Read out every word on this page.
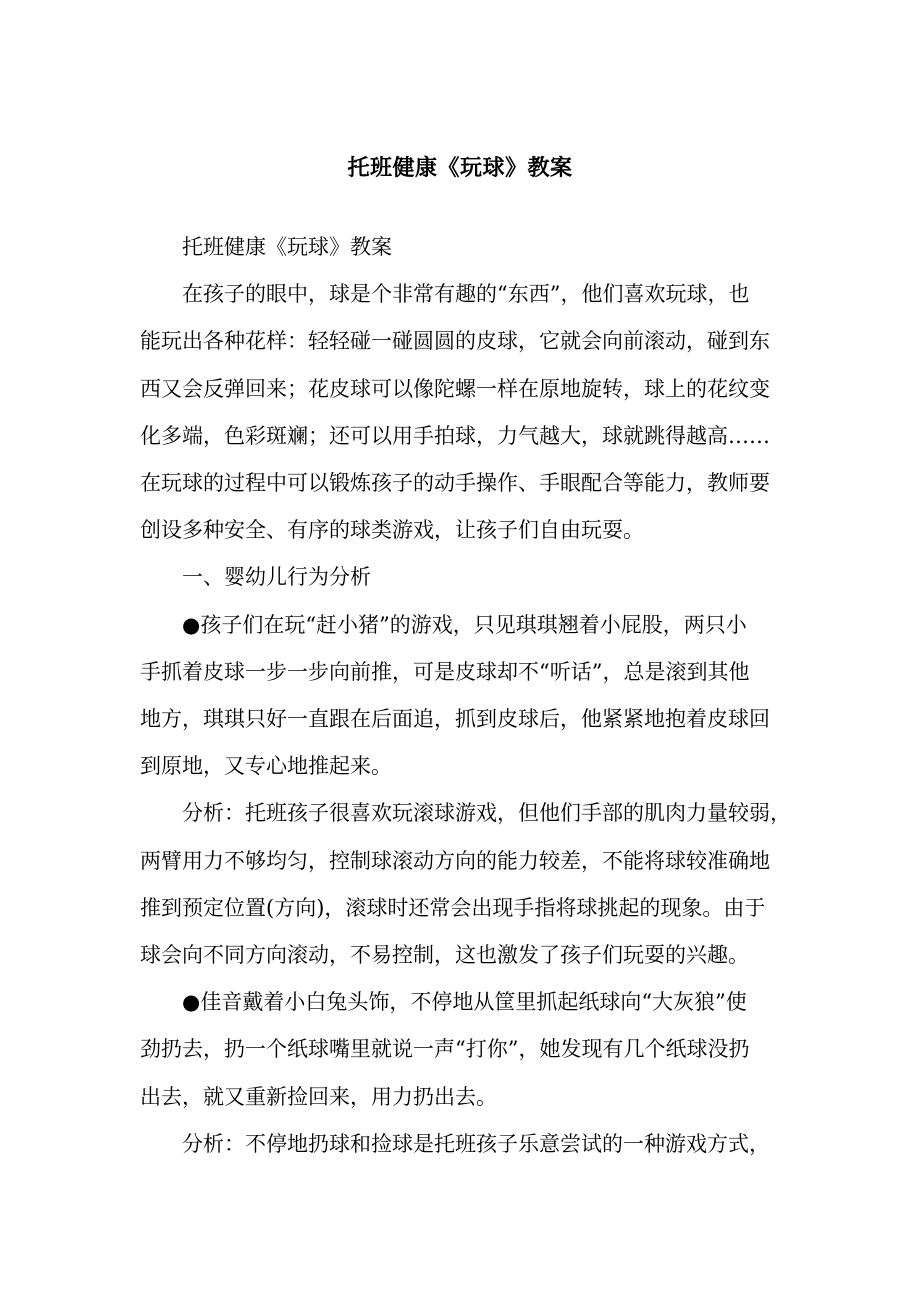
托班健康《玩球》教案

托班健康《玩球》教案

在孩子的眼中，球是个非常有趣的“东西”，他们喜欢玩球，也
能玩出各种花样：轻轻碰一碰圆圆的皮球，它就会向前滚动，碰到东
西又会反弹回来；花皮球可以像陀螺一样在原地旋转，球上的花纹变
化多端，色彩斑斓；还可以用手拍球，力气越大，球就跳得越高……
在玩球的过程中可以锻炼孩子的动手操作、手眼配合等能力，教师要
创设多种安全、有序的球类游戏，让孩子们自由玩耍。

一、婴幼儿行为分析

●孩子们在玩“赶小猪”的游戏，只见琪琪翘着小屁股，两只小
手抓着皮球一步一步向前推，可是皮球却不“听话”，总是滚到其他
地方，琪琪只好一直跟在后面追，抓到皮球后，他紧紧地抱着皮球回
到原地，又专心地推起来。

分析：托班孩子很喜欢玩滚球游戏，但他们手部的肌肉力量较弱，
两臂用力不够均匀，控制球滚动方向的能力较差，不能将球较准确地
推到预定位置(方向)，滚球时还常会出现手指将球挑起的现象。由于
球会向不同方向滚动，不易控制，这也激发了孩子们玩耍的兴趣。

●佳音戴着小白兔头饰，不停地从筐里抓起纸球向“大灰狼”使
劲扔去，扔一个纸球嘴里就说一声“打你”，她发现有几个纸球没扔
出去，就又重新捡回来，用力扔出去。

分析：不停地扔球和捡球是托班孩子乐意尝试的一种游戏方式，
